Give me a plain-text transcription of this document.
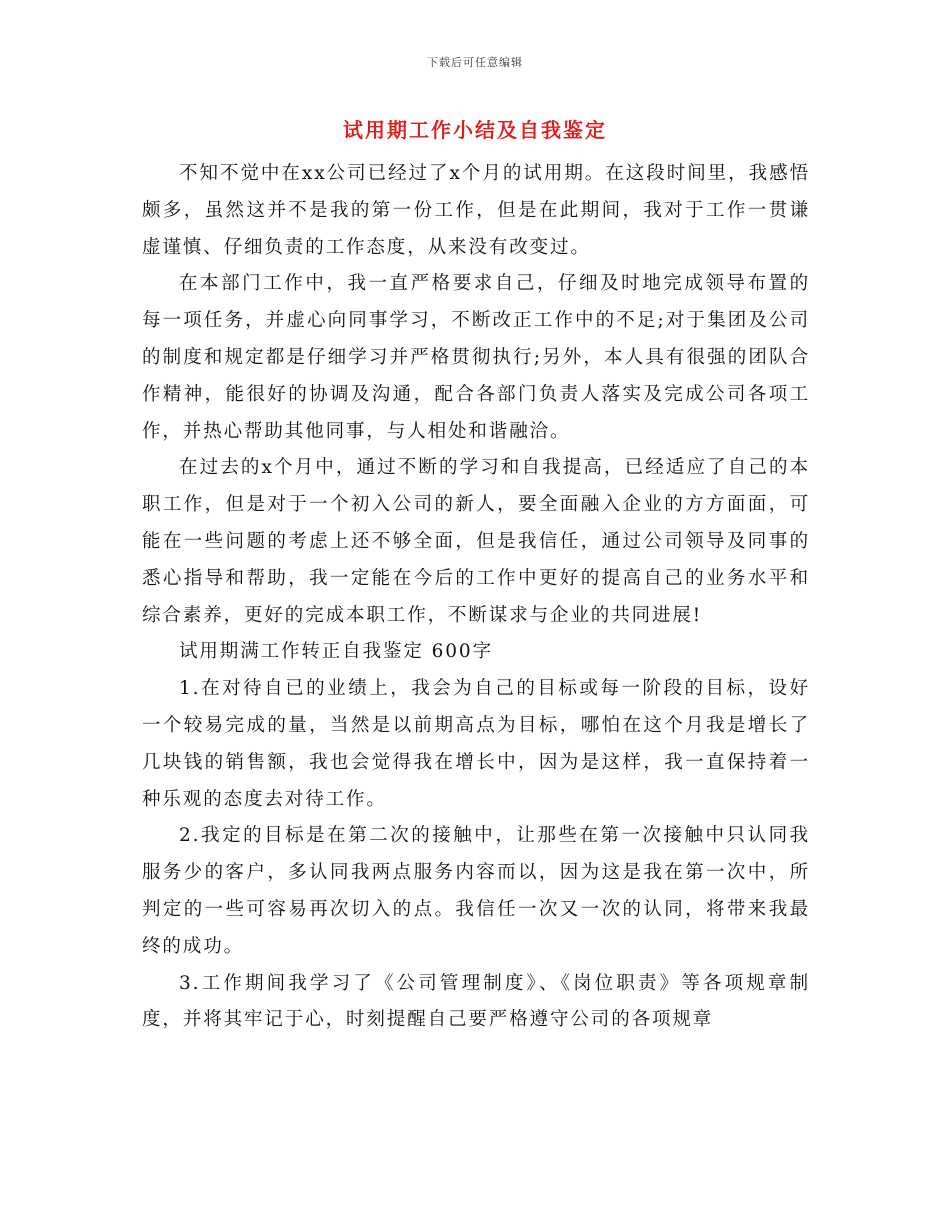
下载后可任意编辑
试用期工作小结及自我鉴定

不知不觉中在xx公司已经过了x个月的试用期。在这段时间里，我感悟颇多，虽然这并不是我的第一份工作，但是在此期间，我对于工作一贯谦虚谨慎、仔细负责的工作态度，从来没有改变过。

在本部门工作中，我一直严格要求自己，仔细及时地完成领导布置的每一项任务，并虚心向同事学习，不断改正工作中的不足;对于集团及公司的制度和规定都是仔细学习并严格贯彻执行;另外，本人具有很强的团队合作精神，能很好的协调及沟通，配合各部门负责人落实及完成公司各项工作，并热心帮助其他同事，与人相处和谐融洽。

在过去的x个月中，通过不断的学习和自我提高，已经适应了自己的本职工作，但是对于一个初入公司的新人，要全面融入企业的方方面面，可能在一些问题的考虑上还不够全面，但是我信任，通过公司领导及同事的悉心指导和帮助，我一定能在今后的工作中更好的提高自己的业务水平和综合素养，更好的完成本职工作，不断谋求与企业的共同进展!

试用期满工作转正自我鉴定 600字

1.在对待自已的业绩上，我会为自己的目标或每一阶段的目标，设好一个较易完成的量，当然是以前期高点为目标，哪怕在这个月我是增长了几块钱的销售额，我也会觉得我在增长中，因为是这样，我一直保持着一种乐观的态度去对待工作。

2.我定的目标是在第二次的接触中，让那些在第一次接触中只认同我服务少的客户，多认同我两点服务内容而以，因为这是我在第一次中，所判定的一些可容易再次切入的点。我信任一次又一次的认同，将带来我最终的成功。

3.工作期间我学习了《公司管理制度》、《岗位职责》等各项规章制度，并将其牢记于心，时刻提醒自己要严格遵守公司的各项规章
